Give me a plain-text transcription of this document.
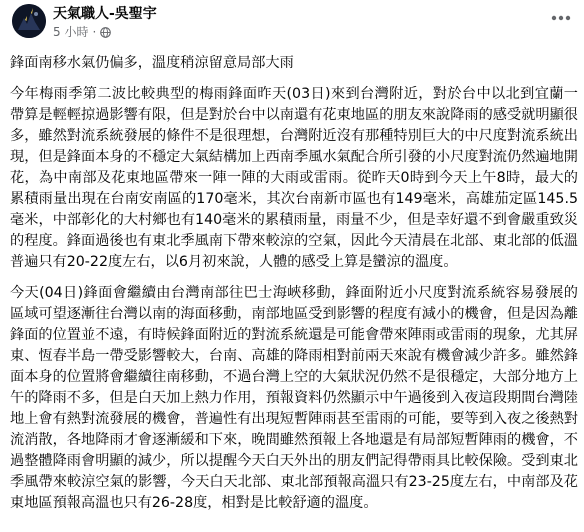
天氣職人-吳聖宇
5 小時 ·

鋒面南移水氣仍偏多，溫度稍涼留意局部大雨

今年梅雨季第二波比較典型的梅雨鋒面昨天(03日)來到台灣附近，對於台中以北到宜蘭一帶算是輕輕掠過影響有限，但是對於台中以南還有花東地區的朋友來說降雨的感受就明顯很多，雖然對流系統發展的條件不是很理想，台灣附近沒有那種特別巨大的中尺度對流系統出現，但是鋒面本身的不穩定大氣結構加上西南季風水氣配合所引發的小尺度對流仍然遍地開花，為中南部及花東地區帶來一陣一陣的大雨或雷雨。從昨天0時到今天上午8時，最大的累積雨量出現在台南安南區的170毫米，其次台南新市區也有149毫米，高雄茄定區145.5毫米，中部彰化的大村鄉也有140毫米的累積雨量，雨量不少，但是幸好還不到會嚴重致災的程度。鋒面過後也有東北季風南下帶來較涼的空氣，因此今天清晨在北部、東北部的低溫普遍只有20-22度左右，以6月初來說，人體的感受上算是蠻涼的溫度。

今天(04日)鋒面會繼續由台灣南部往巴士海峽移動，鋒面附近小尺度對流系統容易發展的區域可望逐漸往台灣以南的海面移動，南部地區受到影響的程度有減小的機會，但是因為離鋒面的位置並不遠，有時候鋒面附近的對流系統還是可能會帶來陣雨或雷雨的現象，尤其屏東、恆春半島一帶受影響較大，台南、高雄的降雨相對前兩天來說有機會減少許多。雖然鋒面本身的位置將會繼續往南移動，不過台灣上空的大氣狀況仍然不是很穩定，大部分地方上午的降雨不多，但是白天加上熱力作用，預報資料仍然顯示中午過後到入夜這段期間台灣陸地上會有熱對流發展的機會，普遍性有出現短暫陣雨甚至雷雨的可能，要等到入夜之後熱對流消散，各地降雨才會逐漸緩和下來，晚間雖然預報上各地還是有局部短暫陣雨的機會，不過整體降雨會明顯的減少，所以提醒今天白天外出的朋友們記得帶雨具比較保險。受到東北季風帶來較涼空氣的影響，今天白天北部、東北部預報高溫只有23-25度左右，中南部及花東地區預報高溫也只有26-28度，相對是比較舒適的溫度。
